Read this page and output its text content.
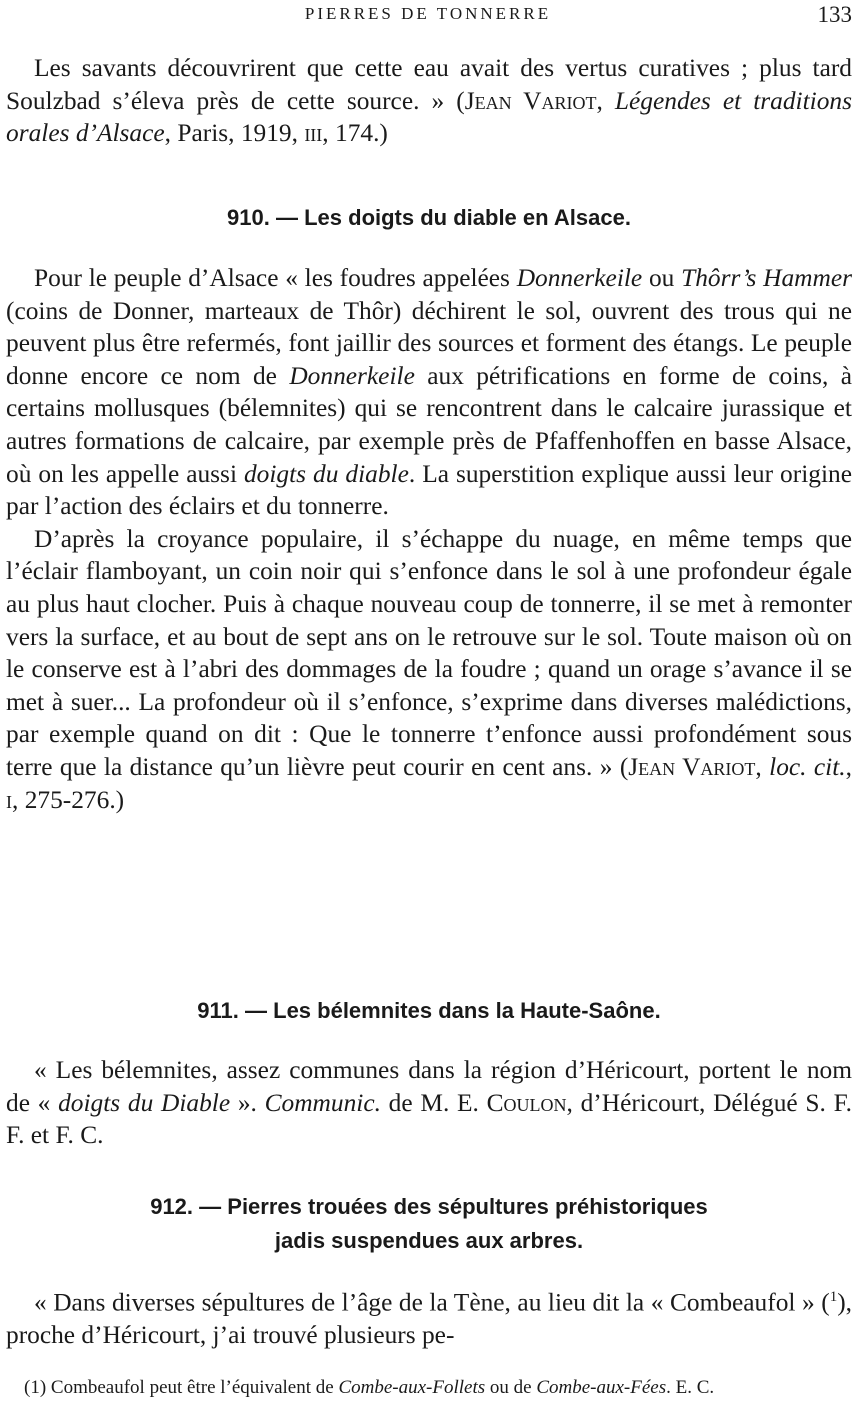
PIERRES DE TONNERRE	133

Les savants découvrirent que cette eau avait des vertus curatives ; plus tard Soulzbad s’éleva près de cette source. » (Jean Variot, Légendes et traditions orales d’Alsace, Paris, 1919, iii, 174.)

910. — Les doigts du diable en Alsace.

Pour le peuple d’Alsace « les foudres appelées Donnerkeile ou Thôrr’s Hammer (coins de Donner, marteaux de Thôr) déchirent le sol, ouvrent des trous qui ne peuvent plus être refermés, font jaillir des sources et forment des étangs. Le peuple donne encore ce nom de Donnerkeile aux pétrifications en forme de coins, à certains mollusques (bélemnites) qui se rencontrent dans le calcaire jurassique et autres formations de calcaire, par exemple près de Pfaffenhoffen en basse Alsace, où on les appelle aussi doigts du diable. La superstition explique aussi leur origine par l’action des éclairs et du tonnerre.

D’après la croyance populaire, il s’échappe du nuage, en même temps que l’éclair flamboyant, un coin noir qui s’enfonce dans le sol à une profondeur égale au plus haut clocher. Puis à chaque nouveau coup de tonnerre, il se met à remonter vers la surface, et au bout de sept ans on le retrouve sur le sol. Toute maison où on le conserve est à l’abri des dommages de la foudre ; quand un orage s’avance il se met à suer... La profondeur où il s’enfonce, s’exprime dans diverses malédictions, par exemple quand on dit : Que le tonnerre t’enfonce aussi profondément sous terre que la distance qu’un lièvre peut courir en cent ans. » (Jean Variot, loc. cit., i, 275-276.)

911. — Les bélemnites dans la Haute-Saône.

« Les bélemnites, assez communes dans la région d’Héricourt, portent le nom de « doigts du Diable ». Communic. de M. E. Coulon, d’Héricourt, Délégué S. F. F. et F. C.

912. — Pierres trouées des sépultures préhistoriques
jadis suspendues aux arbres.

« Dans diverses sépultures de l’âge de la Tène, au lieu dit la « Combeaufol » ($^1$), proche d’Héricourt, j’ai trouvé plusieurs pe-

(1) Combeaufol peut être l’équivalent de Combe-aux-Follets ou de Combe-aux-Fées. E. C.
